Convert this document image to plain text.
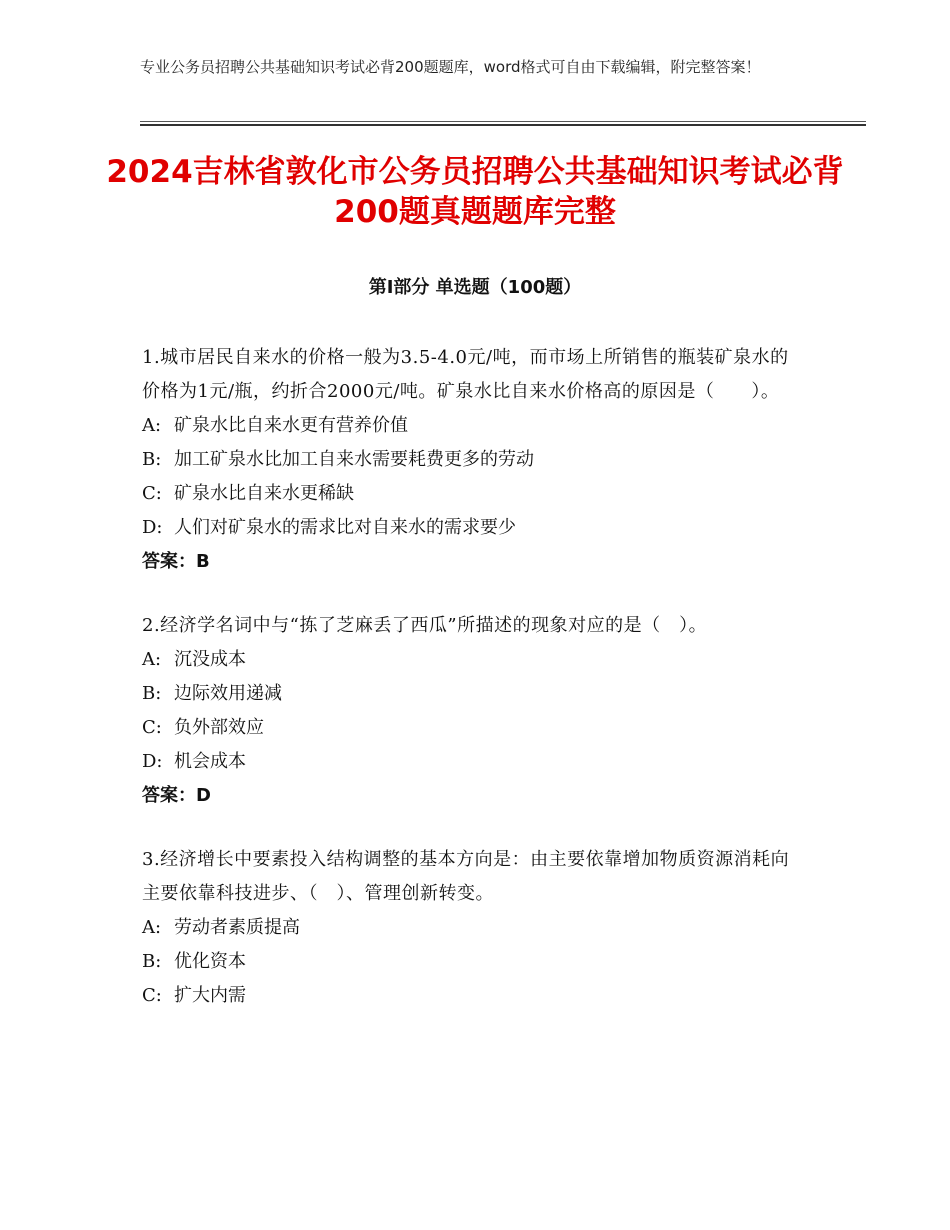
专业公务员招聘公共基础知识考试必背200题题库，word格式可自由下载编辑，附完整答案！
2024吉林省敦化市公务员招聘公共基础知识考试必背200题真题题库完整
第I部分 单选题（100题）
1.城市居民自来水的价格一般为3.5-4.0元/吨，而市场上所销售的瓶装矿泉水的价格为1元/瓶，约折合2000元/吨。矿泉水比自来水价格高的原因是（　　）。
A: 矿泉水比自来水更有营养价值
B: 加工矿泉水比加工自来水需要耗费更多的劳动
C: 矿泉水比自来水更稀缺
D: 人们对矿泉水的需求比对自来水的需求要少
答案：B
2.经济学名词中与“拣了芝麻丢了西瓜”所描述的现象对应的是（　）。
A: 沉没成本
B: 边际效用递减
C: 负外部效应
D: 机会成本
答案：D
3.经济增长中要素投入结构调整的基本方向是：由主要依靠增加物质资源消耗向主要依靠科技进步、（　）、管理创新转变。
A: 劳动者素质提高
B: 优化资本
C: 扩大内需
